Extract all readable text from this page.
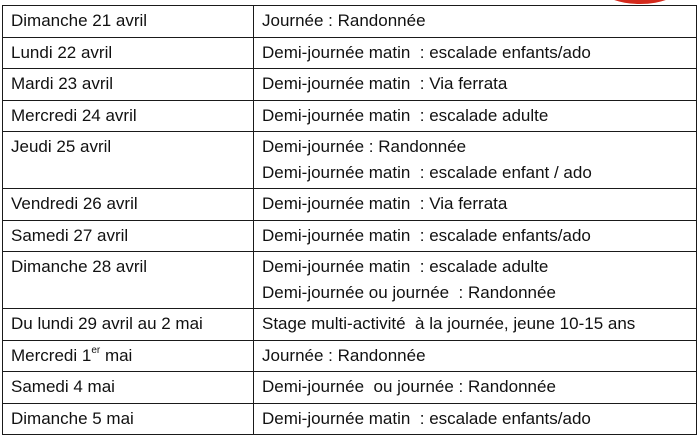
Dimanche 21 avril	Journée : Randonnée

Lundi 22 avril	Demi-journée matin  : escalade enfants/ado

Mardi 23 avril	Demi-journée matin  : Via ferrata

Mercredi 24 avril	Demi-journée matin  : escalade adulte

Jeudi 25 avril	Demi-journée : Randonnée
Demi-journée matin  : escalade enfant / ado

Vendredi 26 avril	Demi-journée matin  : Via ferrata

Samedi 27 avril	Demi-journée matin  : escalade enfants/ado

Dimanche 28 avril	Demi-journée matin  : escalade adulte
Demi-journée ou journée  : Randonnée

Du lundi 29 avril au 2 mai	Stage multi-activité  à la journée, jeune 10-15 ans

Mercredi 1er mai	Journée : Randonnée

Samedi 4 mai	Demi-journée  ou journée : Randonnée

Dimanche 5 mai	Demi-journée matin  : escalade enfants/ado
